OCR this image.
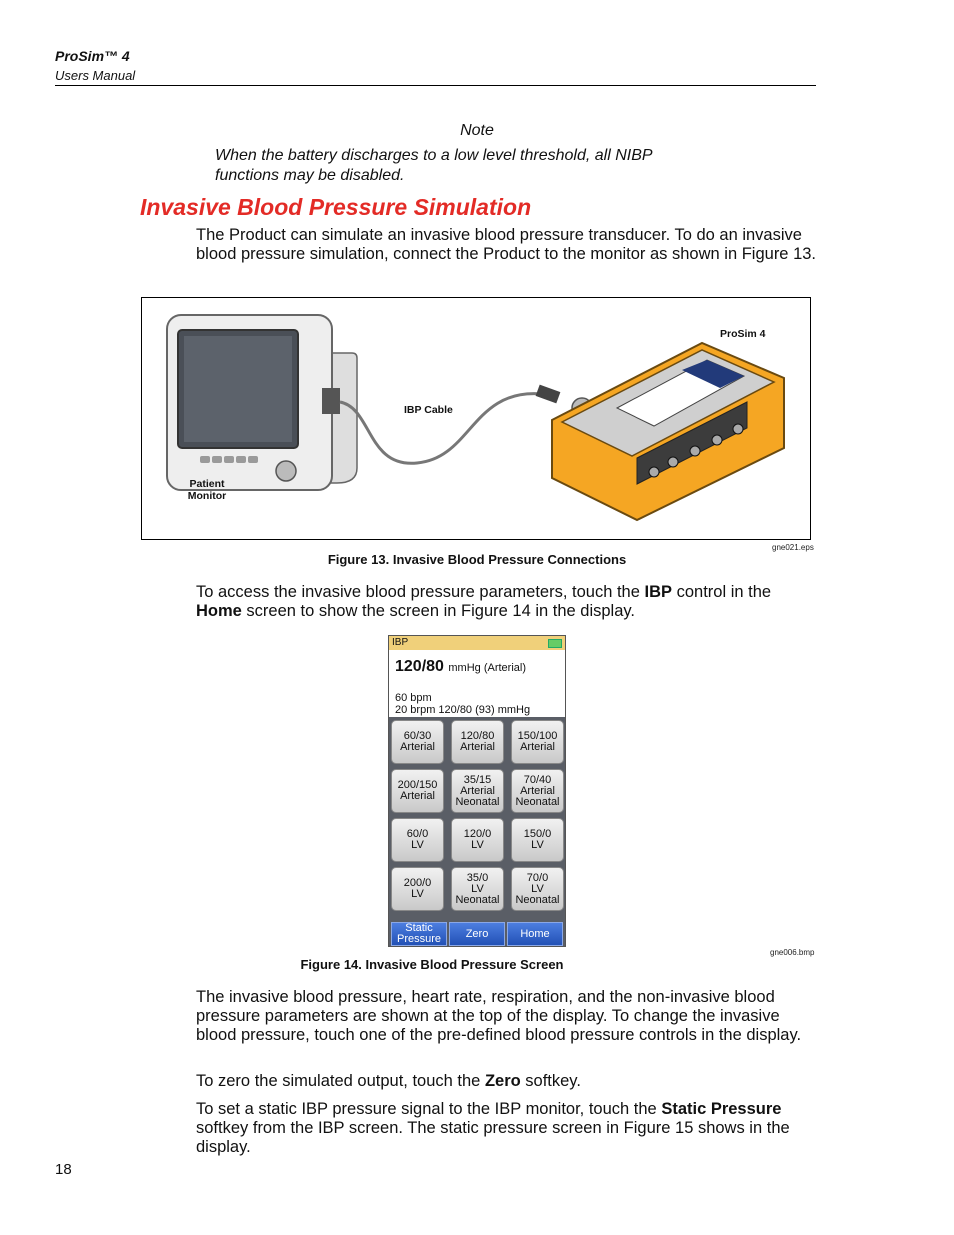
ProSim™ 4
Users Manual
Note
When the battery discharges to a low level threshold, all NIBP functions may be disabled.
Invasive Blood Pressure Simulation
The Product can simulate an invasive blood pressure transducer. To do an invasive blood pressure simulation, connect the Product to the monitor as shown in Figure 13.
ProSim 4
IBP Cable
Patient
Monitor
gne021.eps
Figure 13. Invasive Blood Pressure Connections
To access the invasive blood pressure parameters, touch the IBP control in the Home screen to show the screen in Figure 14 in the display.
IBP
120/80 mmHg (Arterial)
60 bpm
20 brpm 120/80 (93) mmHg
60/30
Arterial
120/80
Arterial
150/100
Arterial
200/150
Arterial
35/15
Arterial
Neonatal
70/40
Arterial
Neonatal
60/0
LV
120/0
LV
150/0
LV
200/0
LV
35/0
LV
Neonatal
70/0
LV
Neonatal
Static
Pressure	Zero	Home
gne006.bmp
Figure 14. Invasive Blood Pressure Screen
The invasive blood pressure, heart rate, respiration, and the non-invasive blood pressure parameters are shown at the top of the display. To change the invasive blood pressure, touch one of the pre-defined blood pressure controls in the display.
To zero the simulated output, touch the Zero softkey.
To set a static IBP pressure signal to the IBP monitor, touch the Static Pressure softkey from the IBP screen. The static pressure screen in Figure 15 shows in the display.
18
